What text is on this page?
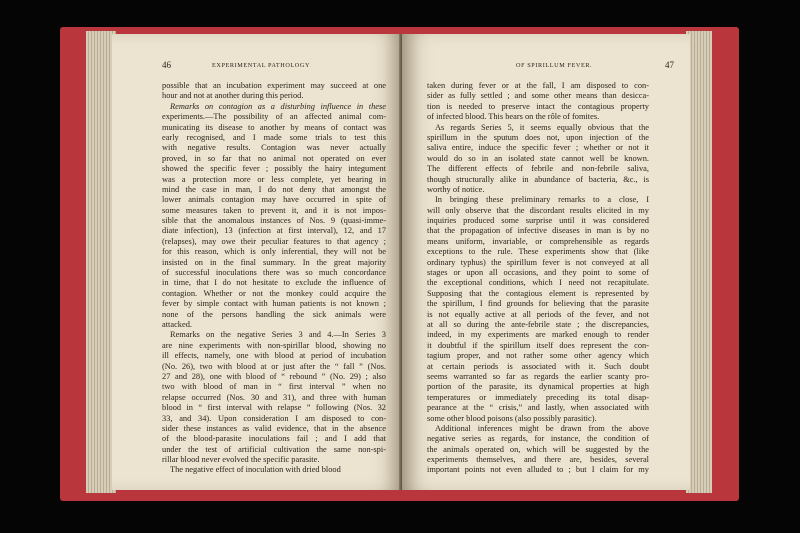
46	EXPERIMENTAL PATHOLOGY
possible that an incubation experiment may succeed at one
hour and not at another during this period.
Remarks on contagion as a disturbing influence in these
experiments.—The possibility of an affected animal com-
municating its disease to another by means of contact was
early recognised, and I made some trials to test this
with negative results. Contagion was never actually
proved, in so far that no animal not operated on ever
showed the specific fever ; possibly the hairy integument
was a protection more or less complete, yet bearing in
mind the case in man, I do not deny that amongst the
lower animals contagion may have occurred in spite of
some measures taken to prevent it, and it is not impos-
sible that the anomalous instances of Nos. 9 (quasi-imme-
diate infection), 13 (infection at first interval), 12, and 17
(relapses), may owe their peculiar features to that agency ;
for this reason, which is only inferential, they will not be
insisted on in the final summary. In the great majority
of successful inoculations there was so much concordance
in time, that I do not hesitate to exclude the influence of
contagion. Whether or not the monkey could acquire the
fever by simple contact with human patients is not known ;
none of the persons handling the sick animals were
attacked.
Remarks on the negative Series 3 and 4.—In Series 3
are nine experiments with non-spirillar blood, showing no
ill effects, namely, one with blood at period of incubation
(No. 26), two with blood at or just after the “ fall ” (Nos.
27 and 28), one with blood of “ rebound ” (No. 29) ; also
two with blood of man in “ first interval ” when no
relapse occurred (Nos. 30 and 31), and three with human
blood in “ first interval with relapse ” following (Nos. 32
33, and 34). Upon consideration I am disposed to con-
sider these instances as valid evidence, that in the absence
of the blood-parasite inoculations fail ; and I add that
under the test of artificial cultivation the same non-spi-
rillar blood never evolved the specific parasite.
The negative effect of inoculation with dried blood
OF SPIRILLUM FEVER.	47
taken during fever or at the fall, I am disposed to con-
sider as fully settled ; and some other means than desicca-
tion is needed to preserve intact the contagious property
of infected blood. This bears on the rôle of fomites.
As regards Series 5, it seems equally obvious that the
spirillum in the sputum does not, upon injection of the
saliva entire, induce the specific fever ; whether or not it
would do so in an isolated state cannot well be known.
The different effects of febrile and non-febrile saliva,
though structurally alike in abundance of bacteria, &c., is
worthy of notice.
In bringing these preliminary remarks to a close, I
will only observe that the discordant results elicited in my
inquiries produced some surprise until it was considered
that the propagation of infective diseases in man is by no
means uniform, invariable, or comprehensible as regards
exceptions to the rule. These experiments show that (like
ordinary typhus) the spirillum fever is not conveyed at all
stages or upon all occasions, and they point to some of
the exceptional conditions, which I need not recapitulate.
Supposing that the contagious element is represented by
the spirillum, I find grounds for believing that the parasite
is not equally active at all periods of the fever, and not
at all so during the ante-febrile state ; the discrepancies,
indeed, in my experiments are marked enough to render
it doubtful if the spirillum itself does represent the con-
tagium proper, and not rather some other agency which
at certain periods is associated with it. Such doubt
seems warranted so far as regards the earlier scanty pro-
portion of the parasite, its dynamical properties at high
temperatures or immediately preceding its total disap-
pearance at the “ crisis,” and lastly, when associated with
some other blood poisons (also possibly parasitic).
Additional inferences might be drawn from the above
negative series as regards, for instance, the condition of
the animals operated on, which will be suggested by the
experiments themselves, and there are, besides, several
important points not even alluded to ; but I claim for my
